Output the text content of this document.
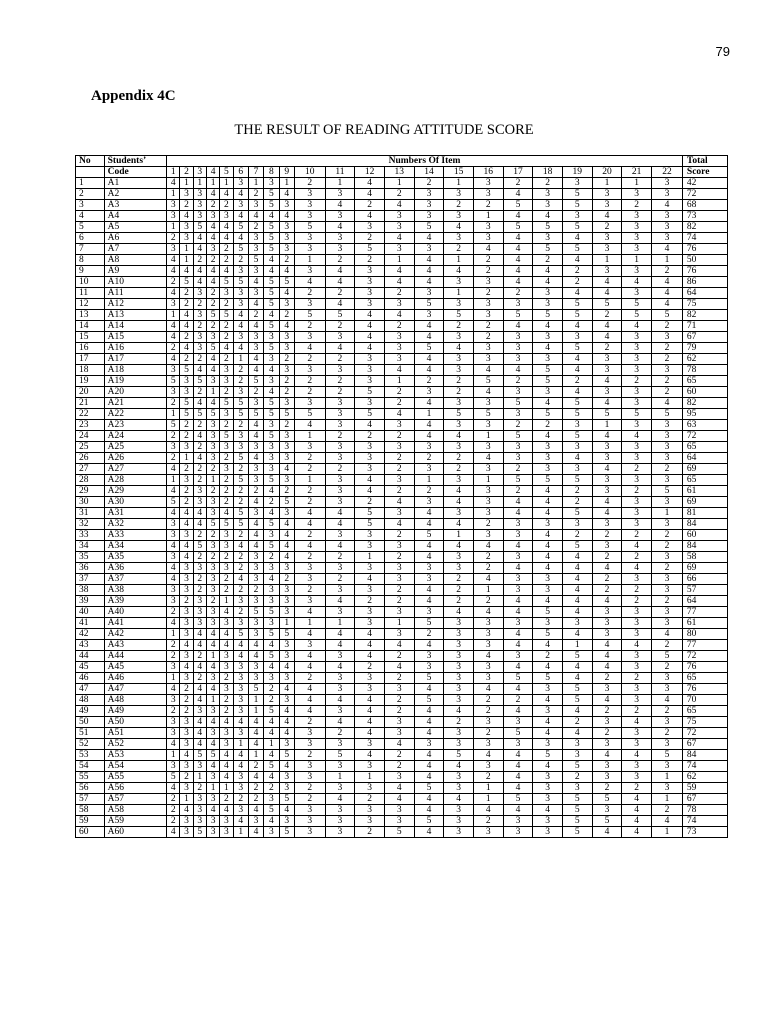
79
Appendix 4C
THE RESULT OF READING ATTITUDE SCORE
No	Students’	Numbers Of Item																						Total
	Code	1	2	3	4	5	6	7	8	9	10	11	12	13	14	15	16	17	18	19	20	21	22	Score
1	A1	4	1	1	1	1	3	1	3	1	2	1	4	1	2	1	3	2	2	3	1	1	3	42
2	A2	1	3	3	4	4	4	2	5	4	3	3	4	2	3	3	3	4	3	5	3	3	3	72
3	A3	3	2	3	2	2	3	3	5	3	3	4	2	4	3	2	2	5	3	5	3	2	4	68
4	A4	3	4	3	3	3	4	4	4	4	3	3	4	3	3	3	1	4	4	3	4	3	3	73
5	A5	1	3	5	4	4	5	2	5	3	5	4	3	3	5	4	3	5	5	5	2	3	3	82
6	A6	2	3	4	4	4	4	3	5	3	3	3	2	4	4	3	3	4	3	4	3	3	3	74
7	A7	3	1	4	3	2	5	3	5	3	3	3	5	3	3	2	4	4	5	5	3	3	4	76
8	A8	4	1	2	2	2	2	5	4	2	1	2	2	1	4	1	2	4	2	4	1	1	1	50
9	A9	4	4	4	4	4	3	3	4	4	3	4	3	4	4	4	2	4	4	2	3	3	2	76
10	A10	2	5	4	4	5	5	4	5	5	4	4	3	4	4	3	3	4	4	2	4	4	4	86
11	A11	4	2	3	2	3	3	3	5	4	2	2	3	2	3	1	2	2	3	4	4	3	4	64
12	A12	3	2	2	2	2	3	4	5	3	3	4	3	3	5	3	3	3	3	5	5	5	4	75
13	A13	1	4	3	5	5	4	2	4	2	5	5	4	4	3	5	3	5	5	5	2	5	5	82
14	A14	4	4	2	2	2	4	4	5	4	2	2	4	2	4	2	2	4	4	4	4	4	2	71
15	A15	4	2	3	3	2	3	3	3	3	3	3	4	3	4	3	2	3	3	3	4	3	3	67
16	A16	2	4	3	5	4	4	3	5	3	4	4	4	3	5	4	3	3	4	5	2	3	2	79
17	A17	4	2	2	4	2	1	4	3	2	2	2	3	3	4	3	3	3	3	4	3	3	2	62
18	A18	3	5	4	4	3	2	4	4	3	3	3	3	4	4	3	4	4	5	4	3	3	3	78
19	A19	5	3	5	3	3	2	5	3	2	2	2	3	1	2	2	5	2	5	2	4	2	2	65
20	A20	3	3	2	1	2	3	2	4	2	2	2	5	2	3	2	4	3	3	4	3	3	2	60
21	A21	2	5	4	4	5	5	3	5	3	3	3	3	2	4	3	3	5	4	5	4	3	4	82
22	A22	1	5	5	5	3	5	5	5	5	5	3	5	4	1	5	5	3	5	5	5	5	5	95
23	A23	5	2	2	3	2	2	4	3	2	4	3	4	3	4	3	3	2	2	3	1	3	3	63
24	A24	2	2	4	3	5	3	4	5	3	1	2	2	2	4	4	1	5	4	5	4	4	3	72
25	A25	3	3	2	3	3	3	3	3	3	3	3	3	3	3	3	3	3	3	3	3	3	3	65
26	A26	2	1	4	3	2	5	4	3	3	2	3	3	2	2	2	4	3	3	4	3	3	3	64
27	A27	4	2	2	2	3	2	3	3	4	2	2	3	2	3	2	3	2	3	3	4	2	2	69
28	A28	1	3	2	1	2	5	3	5	3	1	3	4	3	1	3	1	5	5	5	3	3	3	65
29	A29	4	2	3	2	2	2	2	4	2	2	3	4	2	2	4	3	2	4	2	3	2	5	61
30	A30	5	2	3	3	2	2	4	2	5	2	3	2	4	3	4	3	4	4	2	4	3	3	69
31	A31	4	4	4	3	4	5	3	4	3	4	4	5	3	4	3	3	4	4	5	4	3	1	81
32	A32	3	4	4	5	5	5	4	5	4	4	4	5	4	4	4	2	3	3	3	3	3	3	84
33	A33	3	3	2	2	3	2	4	3	4	2	3	3	2	5	1	3	3	4	2	2	2	2	60
34	A34	4	4	5	3	3	4	4	5	4	4	4	3	3	4	4	4	4	4	5	3	4	2	84
35	A35	3	4	2	2	2	2	3	2	4	2	2	1	2	4	3	2	3	4	4	2	2	3	58
36	A36	4	3	3	3	3	2	3	3	3	3	3	3	3	3	3	2	4	4	4	4	4	2	69
37	A37	4	3	2	3	2	4	3	4	2	3	2	4	3	3	2	4	3	3	4	2	3	3	66
38	A38	3	3	2	3	2	2	2	3	3	2	3	3	2	4	2	1	3	3	4	2	2	3	57
39	A39	3	2	3	2	1	3	3	3	3	3	4	2	2	4	2	2	4	4	4	4	2	2	64
40	A40	2	3	3	3	4	2	5	5	3	4	3	3	3	3	4	4	4	5	4	3	3	3	77
41	A41	4	3	3	3	3	3	3	3	1	1	1	3	1	5	3	3	3	3	3	3	3	3	61
42	A42	1	3	4	4	4	5	3	5	5	4	4	4	3	2	3	3	4	5	4	3	3	4	80
43	A43	2	4	4	4	4	4	4	4	3	3	4	4	4	4	3	3	4	4	1	4	4	2	77
44	A44	2	3	2	1	3	4	4	5	3	4	3	4	2	3	3	4	3	2	5	4	3	5	72
45	A45	3	4	4	4	3	3	3	4	4	4	4	2	4	3	3	3	4	4	4	4	3	2	76
46	A46	1	3	2	3	2	3	3	3	3	2	3	3	2	5	3	3	5	5	4	2	2	3	65
47	A47	4	2	4	4	3	3	5	2	4	4	3	3	3	4	3	4	4	3	5	3	3	3	76
48	A48	3	2	4	1	2	3	1	2	3	4	4	4	2	5	3	2	2	4	5	4	3	4	70
49	A49	2	2	3	3	2	3	1	5	4	4	3	4	2	4	4	2	4	3	4	2	2	2	65
50	A50	3	3	4	4	4	4	4	4	4	2	4	4	3	4	2	3	3	4	2	3	4	3	75
51	A51	3	3	4	3	3	3	4	4	4	3	2	4	3	4	3	2	5	4	4	2	3	2	72
52	A52	4	3	4	4	3	1	4	1	3	3	3	3	4	3	3	3	3	3	3	3	3	3	67
53	A53	1	4	5	5	4	4	1	4	5	2	5	4	2	4	5	4	4	5	3	4	4	5	84
54	A54	3	3	3	4	4	4	2	5	4	3	3	3	2	4	4	3	4	4	5	3	3	3	74
55	A55	5	2	1	3	4	3	4	4	3	3	1	1	3	4	3	2	4	3	2	3	3	1	62
56	A56	4	3	2	1	1	3	2	2	3	2	3	3	4	5	3	1	4	3	3	2	2	3	59
57	A57	2	1	3	3	2	2	2	3	5	2	4	2	4	4	4	1	5	3	5	5	4	1	67
58	A58	2	4	3	4	4	3	4	5	4	3	3	3	3	4	3	4	4	4	5	3	4	2	78
59	A59	2	3	3	3	3	4	3	4	3	3	3	3	3	5	3	2	3	3	5	5	4	4	74
60	A60	4	3	5	3	3	1	4	3	5	3	3	2	5	4	3	3	3	3	5	4	4	1	73
